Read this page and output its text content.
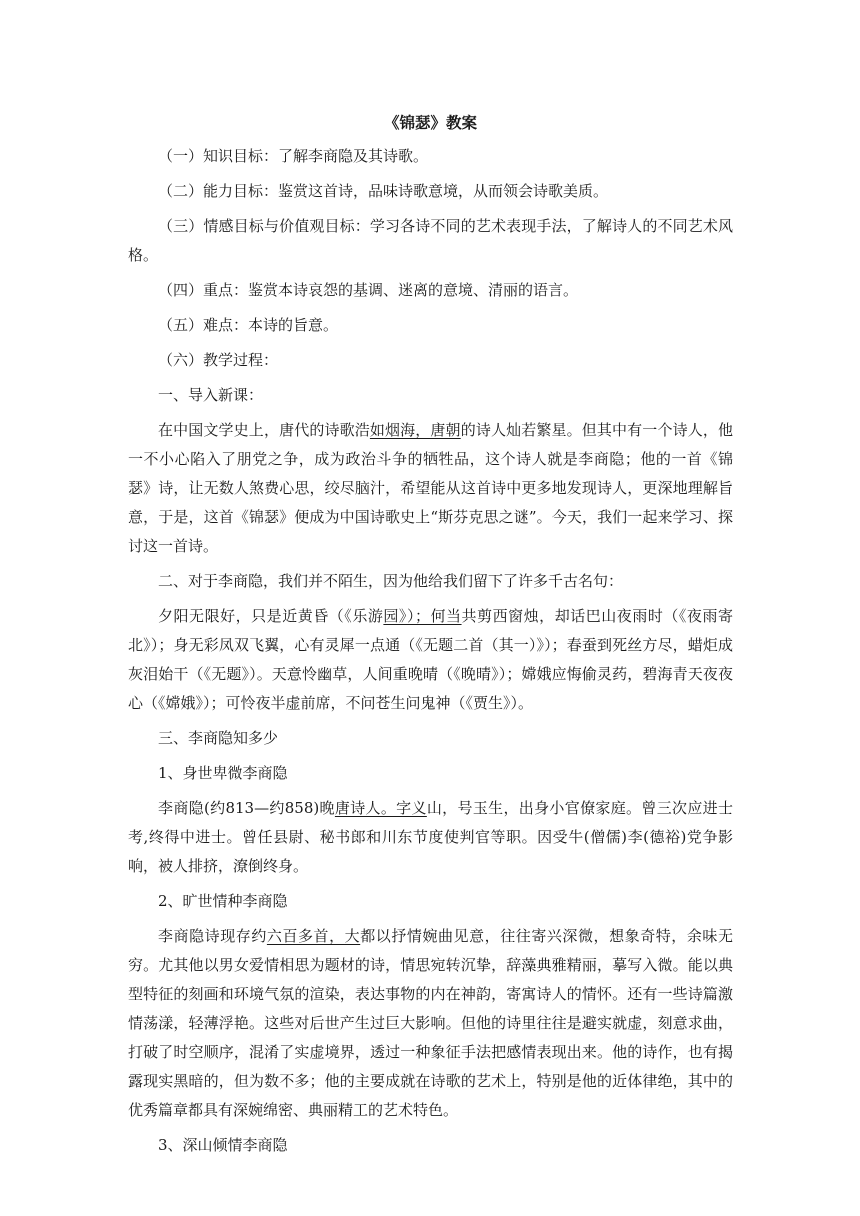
《锦瑟》教案

（一）知识目标：了解李商隐及其诗歌。

（二）能力目标：鉴赏这首诗，品味诗歌意境，从而领会诗歌美质。

（三）情感目标与价值观目标：学习各诗不同的艺术表现手法，了解诗人的不同艺术风格。

（四）重点：鉴赏本诗哀怨的基调、迷离的意境、清丽的语言。

（五）难点：本诗的旨意。

（六）教学过程：

一、导入新课：

在中国文学史上，唐代的诗歌浩如烟海，唐朝的诗人灿若繁星。但其中有一个诗人，他一不小心陷入了朋党之争，成为政治斗争的牺牲品，这个诗人就是李商隐；他的一首《锦瑟》诗，让无数人煞费心思，绞尽脑汁，希望能从这首诗中更多地发现诗人，更深地理解旨意，于是，这首《锦瑟》便成为中国诗歌史上“斯芬克思之谜”。今天，我们一起来学习、探讨这一首诗。

二、对于李商隐，我们并不陌生，因为他给我们留下了许多千古名句：

夕阳无限好，只是近黄昏（《乐游园》）；何当共剪西窗烛，却话巴山夜雨时（《夜雨寄北》）；身无彩凤双飞翼，心有灵犀一点通（《无题二首（其一）》）；春蚕到死丝方尽，蜡炬成灰泪始干（《无题》）。天意怜幽草，人间重晚晴（《晚晴》）；嫦娥应悔偷灵药，碧海青天夜夜心（《嫦娥》）；可怜夜半虚前席，不问苍生问鬼神（《贾生》）。

三、李商隐知多少

1、身世卑微李商隐

李商隐(约813—约858)晚唐诗人。字义山，号玉生，出身小官僚家庭。曾三次应进士考,终得中进士。曾任县尉、秘书郎和川东节度使判官等职。因受牛(僧儒)李(德裕)党争影响，被人排挤，潦倒终身。

2、旷世情种李商隐

李商隐诗现存约六百多首，大都以抒情婉曲见意，往往寄兴深微，想象奇特，余味无穷。尤其他以男女爱情相思为题材的诗，情思宛转沉挚，辞藻典雅精丽，摹写入微。能以典型特征的刻画和环境气氛的渲染，表达事物的内在神韵，寄寓诗人的情怀。还有一些诗篇激情荡漾，轻薄浮艳。这些对后世产生过巨大影响。但他的诗里往往是避实就虚，刻意求曲，打破了时空顺序，混淆了实虚境界，透过一种象征手法把感情表现出来。他的诗作，也有揭露现实黑暗的，但为数不多；他的主要成就在诗歌的艺术上，特别是他的近体律绝，其中的优秀篇章都具有深婉绵密、典丽精工的艺术特色。

3、深山倾情李商隐
